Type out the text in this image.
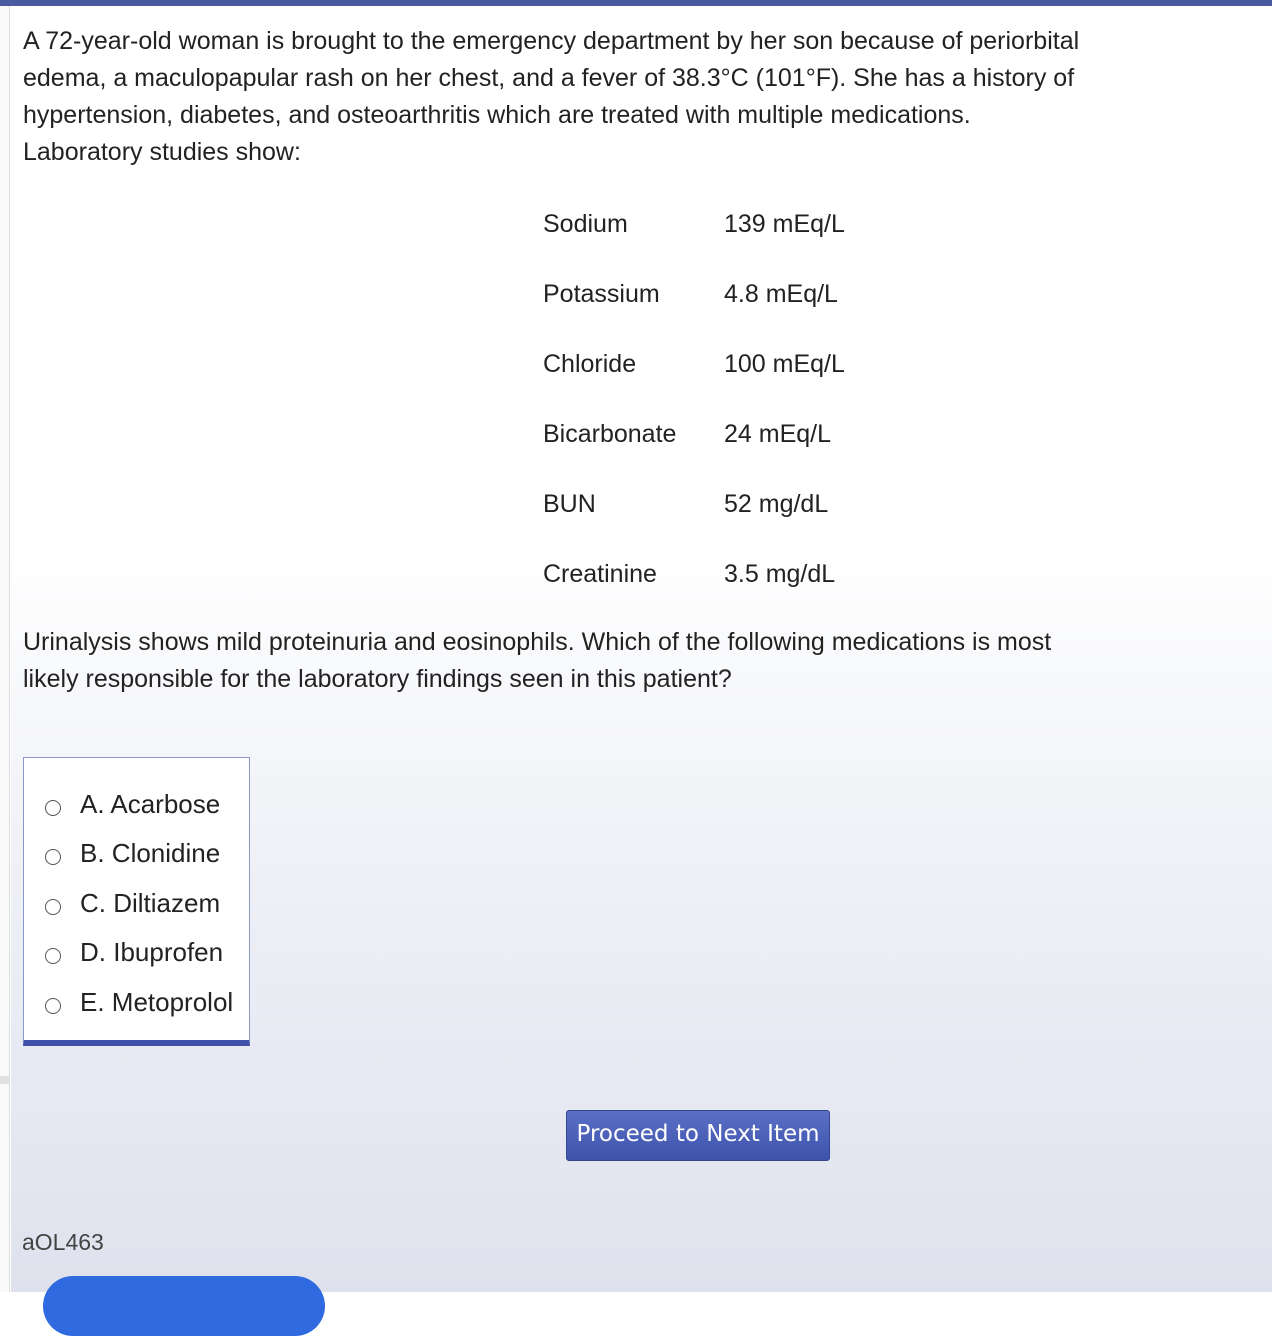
A 72-year-old woman is brought to the emergency department by her son because of periorbital edema, a maculopapular rash on her chest, and a fever of 38.3°C (101°F). She has a history of hypertension, diabetes, and osteoarthritis which are treated with multiple medications. Laboratory studies show:

Sodium	139 mEq/L
Potassium	4.8 mEq/L
Chloride	100 mEq/L
Bicarbonate 24 mEq/L
BUN	52 mg/dL
Creatinine	3.5 mg/dL

Urinalysis shows mild proteinuria and eosinophils. Which of the following medications is most likely responsible for the laboratory findings seen in this patient?

A. Acarbose
B. Clonidine
C. Diltiazem
D. Ibuprofen
E. Metoprolol
Proceed to Next Item
aOL463
